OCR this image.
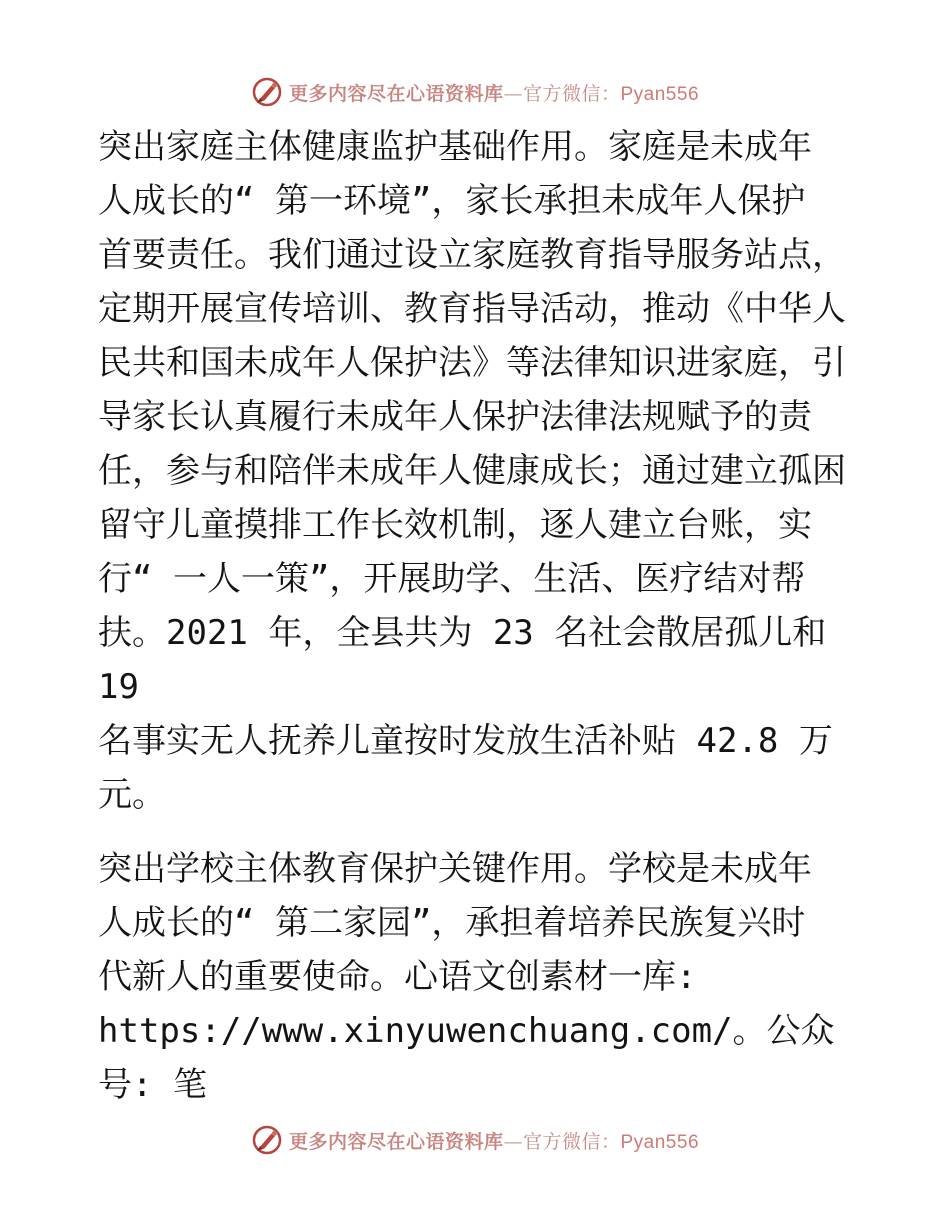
更多内容尽在心语资料库—官方微信：Pyan556

突出家庭主体健康监护基础作用。家庭是未成年
人成长的“ 第一环境”，家长承担未成年人保护
首要责任。我们通过设立家庭教育指导服务站点，
定期开展宣传培训、教育指导活动，推动《中华人
民共和国未成年人保护法》等法律知识进家庭，引
导家长认真履行未成年人保护法律法规赋予的责
任，参与和陪伴未成年人健康成长；通过建立孤困
留守儿童摸排工作长效机制，逐人建立台账，实
行“ 一人一策”，开展助学、生活、医疗结对帮
扶。2021 年，全县共为 23 名社会散居孤儿和 19
名事实无人抚养儿童按时发放生活补贴 42.8 万
元。

突出学校主体教育保护关键作用。学校是未成年
人成长的“ 第二家园”，承担着培养民族复兴时
代新人的重要使命。心语文创素材一库:
https://www.xinyuwenchuang.com/。公众号: 笔

更多内容尽在心语资料库—官方微信：Pyan556
